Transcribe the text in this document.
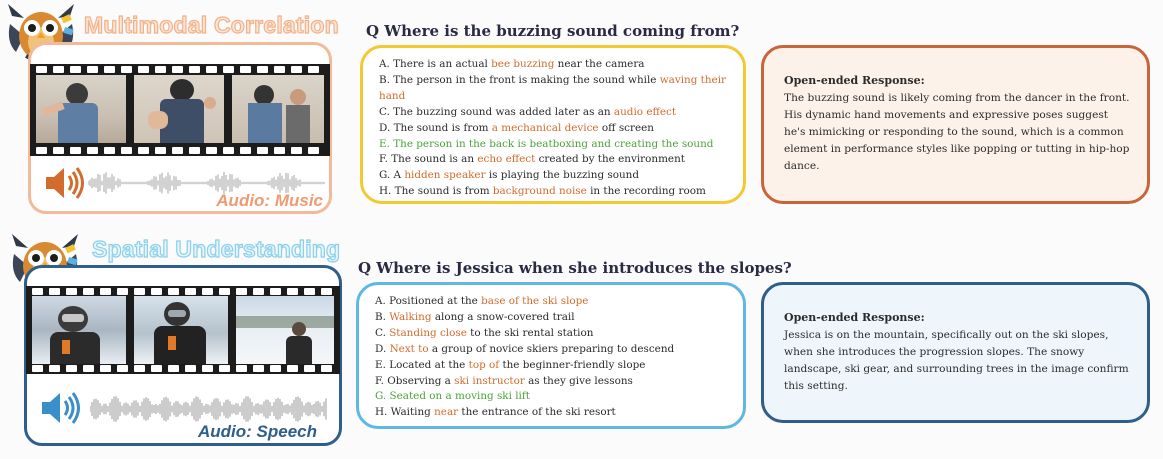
Multimodal Correlation
Audio: Music
Q Where is the buzzing sound coming from?
A. There is an actual bee buzzing near the camera
B. The person in the front is making the sound while waving their
hand
C. The buzzing sound was added later as an audio effect
D. The sound is from a mechanical device off screen
E. The person in the back is beatboxing and creating the sound
F. The sound is an echo effect created by the environment
G. A hidden speaker is playing the buzzing sound
H. The sound is from background noise in the recording room
Open-ended Response:
The buzzing sound is likely coming from the dancer in the front. His dynamic hand movements and expressive poses suggest he's mimicking or responding to the sound, which is a common element in performance styles like popping or tutting in hip-hop dance.
Spatial Understanding
Audio: Speech
Q Where is Jessica when she introduces the slopes?
A. Positioned at the base of the ski slope
B. Walking along a snow-covered trail
C. Standing close to the ski rental station
D. Next to a group of novice skiers preparing to descend
E. Located at the top of the beginner-friendly slope
F. Observing a ski instructor as they give lessons
G. Seated on a moving ski lift
H. Waiting near the entrance of the ski resort
Open-ended Response:
Jessica is on the mountain, specifically out on the ski slopes, when she introduces the progression slopes. The snowy landscape, ski gear, and surrounding trees in the image confirm this setting.
